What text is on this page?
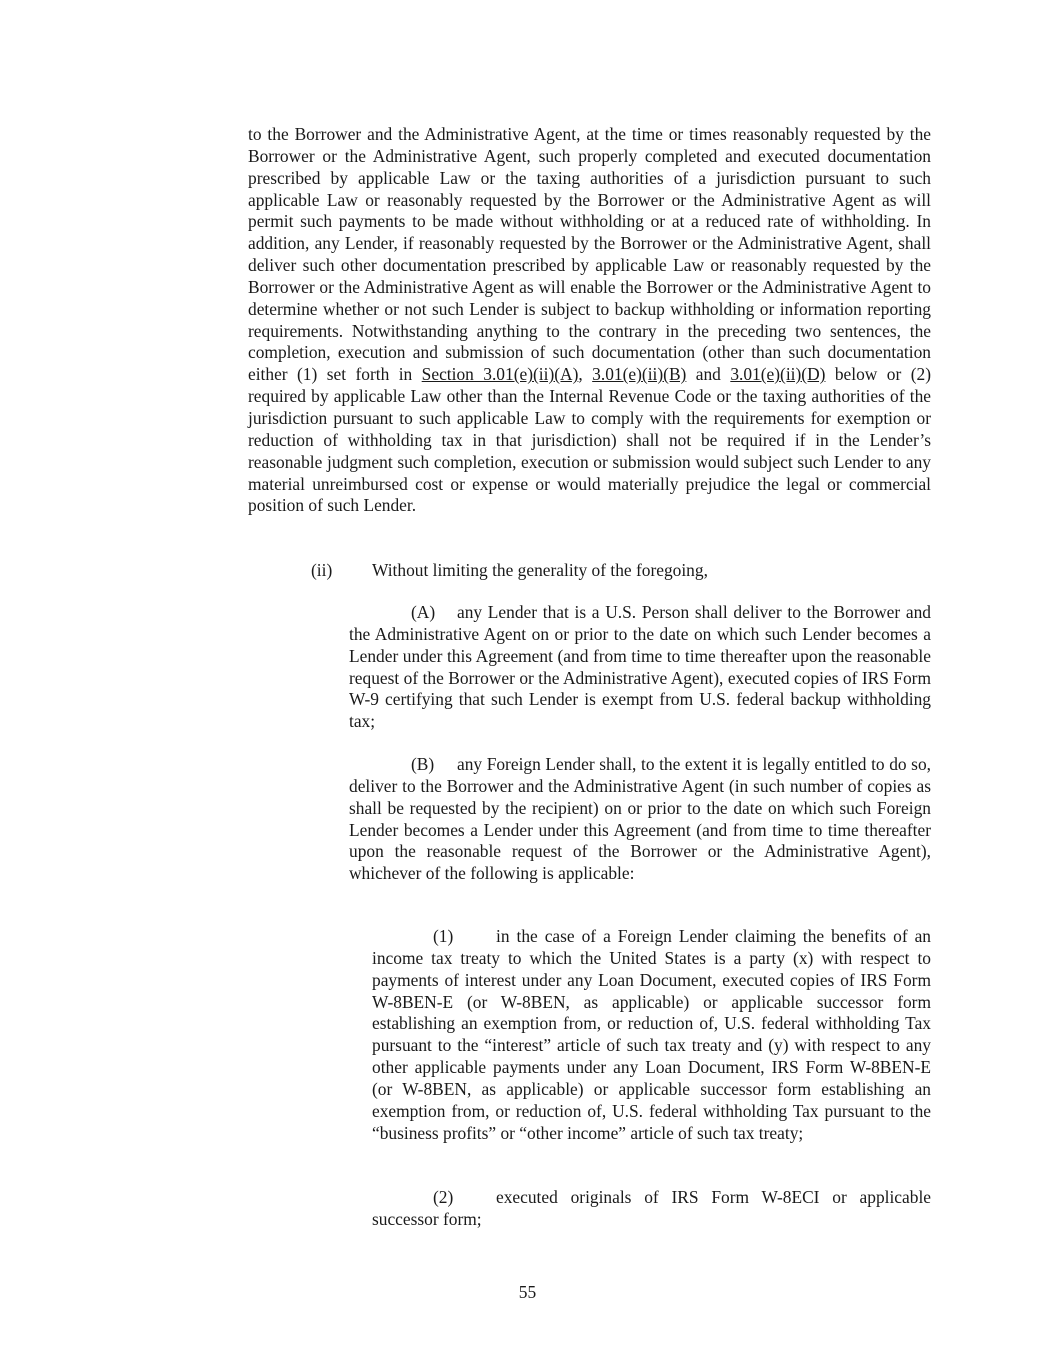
to the Borrower and the Administrative Agent, at the time or times reasonably requested by the Borrower or the Administrative Agent, such properly completed and executed documentation prescribed by applicable Law or the taxing authorities of a jurisdiction pursuant to such applicable Law or reasonably requested by the Borrower or the Administrative Agent as will permit such payments to be made without withholding or at a reduced rate of withholding. In addition, any Lender, if reasonably requested by the Borrower or the Administrative Agent, shall deliver such other documentation prescribed by applicable Law or reasonably requested by the Borrower or the Administrative Agent as will enable the Borrower or the Administrative Agent to determine whether or not such Lender is subject to backup withholding or information reporting requirements. Notwithstanding anything to the contrary in the preceding two sentences, the completion, execution and submission of such documentation (other than such documentation either (1) set forth in Section 3.01(e)(ii)(A), 3.01(e)(ii)(B) and 3.01(e)(ii)(D) below or (2) required by applicable Law other than the Internal Revenue Code or the taxing authorities of the jurisdiction pursuant to such applicable Law to comply with the requirements for exemption or reduction of withholding tax in that jurisdiction) shall not be required if in the Lender’s reasonable judgment such completion, execution or submission would subject such Lender to any material unreimbursed cost or expense or would materially prejudice the legal or commercial position of such Lender.

(ii) Without limiting the generality of the foregoing,

(A) any Lender that is a U.S. Person shall deliver to the Borrower and the Administrative Agent on or prior to the date on which such Lender becomes a Lender under this Agreement (and from time to time thereafter upon the reasonable request of the Borrower or the Administrative Agent), executed copies of IRS Form W-9 certifying that such Lender is exempt from U.S. federal backup withholding tax;

(B) any Foreign Lender shall, to the extent it is legally entitled to do so, deliver to the Borrower and the Administrative Agent (in such number of copies as shall be requested by the recipient) on or prior to the date on which such Foreign Lender becomes a Lender under this Agreement (and from time to time thereafter upon the reasonable request of the Borrower or the Administrative Agent), whichever of the following is applicable:

(1) in the case of a Foreign Lender claiming the benefits of an income tax treaty to which the United States is a party (x) with respect to payments of interest under any Loan Document, executed copies of IRS Form W-8BEN-E (or W-8BEN, as applicable) or applicable successor form establishing an exemption from, or reduction of, U.S. federal withholding Tax pursuant to the “interest” article of such tax treaty and (y) with respect to any other applicable payments under any Loan Document, IRS Form W-8BEN-E (or W-8BEN, as applicable) or applicable successor form establishing an exemption from, or reduction of, U.S. federal withholding Tax pursuant to the “business profits” or “other income” article of such tax treaty;

(2) executed originals of IRS Form W-8ECI or applicable successor form;

55
